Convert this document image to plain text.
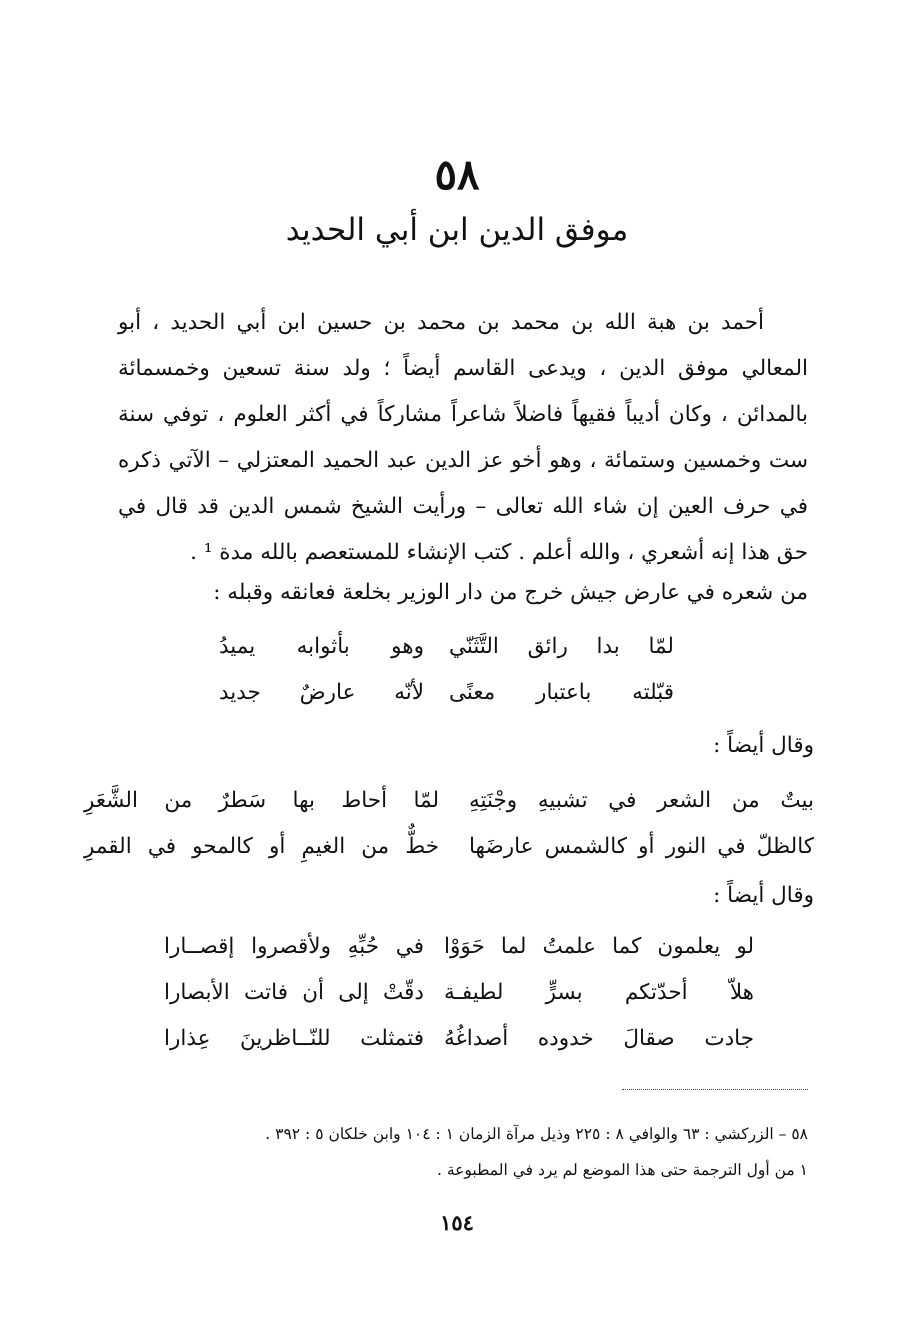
٥٨
موفق الدين ابن أبي الحديد

أحمد بن هبة الله بن محمد بن محمد بن حسين ابن أبي الحديد ، أبو المعالي موفق الدين ، ويدعى القاسم أيضاً ؛ ولد سنة تسعين وخمسمائة بالمدائن ، وكان أديباً فقيهاً فاضلاً شاعراً مشاركاً في أكثر العلوم ، توفي سنة ست وخمسين وستمائة ، وهو أخو عز الدين عبد الحميد المعتزلي – الآتي ذكره في حرف العين إن شاء الله تعالى – ورأيت الشيخ شمس الدين قد قال في حق هذا إنه أشعري ، والله أعلم . كتب الإنشاء للمستعصم بالله مدة ¹ .

من شعره في عارض جيش خرج من دار الوزير بخلعة فعانقه وقبله :
لمّا بدا رائق التَّثَنّي
وهو بأثوابه يميدُ
قبّلته باعتبار معنًى
لأنّه عارضٌ جديد
وقال أيضاً :
بيتٌ من الشعر في تشبيهِ وجْنَتِهِ
لمّا أحاط بها سَطرٌ من الشَّعَرِ
كالظلّ في النور أو كالشمس عارضَها
خطٌّ من الغيمِ أو كالمحو في القمرِ
وقال أيضاً :
لو يعلمون كما علمتُ لما حَوَوْا
في حُبِّهِ ولأقصروا إقصــارا
هلاّ أحدّتكم بسرٍّ لطيفـة
دقّتْ إلى أن فاتت الأبصارا
جادت صقالَ خدوده أصداغُهُ
فتمثلت للنّــاظرينَ عِذارا

٥٨ – الزركشي : ٦٣ والوافي ٨ : ٢٢٥ وذيل مرآة الزمان ١ : ١٠٤ وابن خلكان ٥ : ٣٩٢ .

١ من أول الترجمة حتى هذا الموضع لم يرد في المطبوعة .

١٥٤
